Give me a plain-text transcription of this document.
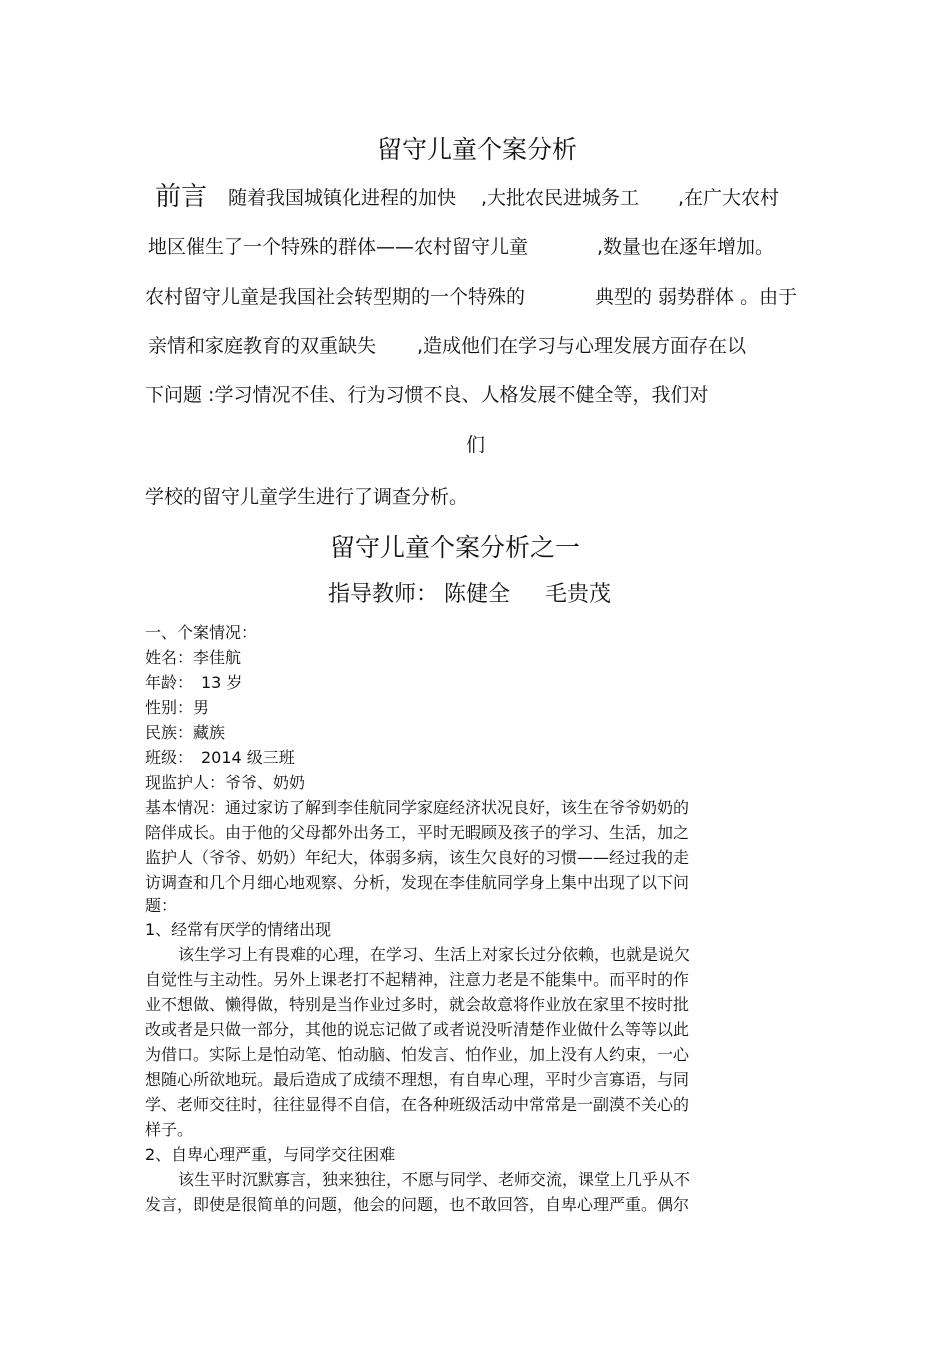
留守儿童个案分析
前言 随着我国城镇化进程的加快 ,大批农民进城务工 ,在广大农村
地区催生了一个特殊的群体——农村留守儿童	,数量也在逐年增加。
农村留守儿童是我国社会转型期的一个特殊的	典型的 弱势群体 。由于
亲情和家庭教育的双重缺失 ,造成他们在学习与心理发展方面存在以
下问题 :学习情况不佳、行为习惯不良、人格发展不健全等，我们对
们
学校的留守儿童学生进行了调查分析。
留守儿童个案分析之一
指导教师： 陈健全 毛贵茂
一、个案情况：
姓名：李佳航
年龄： 13 岁
性别：男
民族：藏族
班级： 2014 级三班
现监护人：爷爷、奶奶
基本情况：通过家访了解到李佳航同学家庭经济状况良好，该生在爷爷奶奶的
陪伴成长。由于他的父母都外出务工，平时无暇顾及孩子的学习、生活，加之
监护人（爷爷、奶奶）年纪大，体弱多病，该生欠良好的习惯——经过我的走
访调查和几个月细心地观察、分析，发现在李佳航同学身上集中出现了以下问
题：
1、经常有厌学的情绪出现
该生学习上有畏难的心理，在学习、生活上对家长过分依赖，也就是说欠
自觉性与主动性。另外上课老打不起精神，注意力老是不能集中。而平时的作
业不想做、懒得做，特别是当作业过多时，就会故意将作业放在家里不按时批
改或者是只做一部分，其他的说忘记做了或者说没听清楚作业做什么等等以此
为借口。实际上是怕动笔、怕动脑、怕发言、怕作业，加上没有人约束，一心
想随心所欲地玩。最后造成了成绩不理想，有自卑心理，平时少言寡语，与同
学、老师交往时，往往显得不自信，在各种班级活动中常常是一副漠不关心的
样子。
2、自卑心理严重，与同学交往困难
该生平时沉默寡言，独来独往，不愿与同学、老师交流，课堂上几乎从不
发言，即使是很简单的问题，他会的问题，也不敢回答，自卑心理严重。偶尔
